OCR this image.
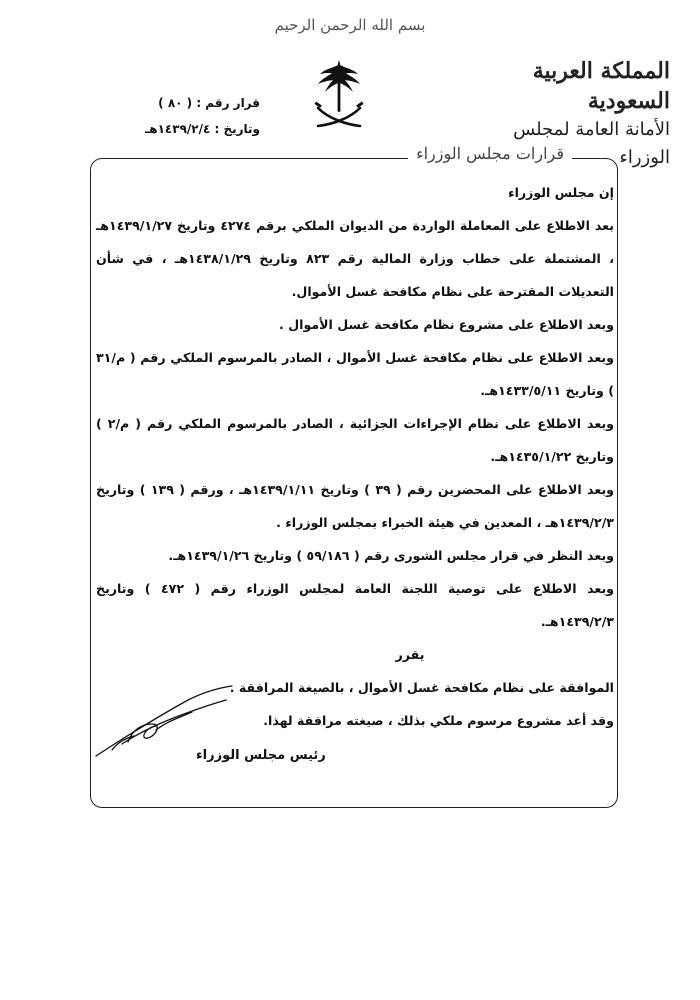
بسم الله الرحمن الرحيم
المملكة العربية السعودية
الأمانة العامة لمجلس الوزراء
قرار رقم : ( ٨٠ )
وتاريخ : ١٤٣٩/٢/٤هـ
قرارات مجلس الوزراء

إن مجلس الوزراء

بعد الاطلاع على المعاملة الواردة من الديوان الملكي برقم ٤٢٧٤ وتاريخ ١٤٣٩/١/٢٧هـ ، المشتملة على خطاب وزارة المالية رقم ٨٢٣ وتاريخ ١٤٣٨/١/٢٩هـ ، في شأن التعديلات المقترحة على نظام مكافحة غسل الأموال.

وبعد الاطلاع على مشروع نظام مكافحة غسل الأموال .

وبعد الاطلاع على نظام مكافحة غسل الأموال ، الصادر بالمرسوم الملكي رقم ( م/٣١ ) وتاريخ ١٤٣٣/٥/١١هـ.

وبعد الاطلاع على نظام الإجراءات الجزائية ، الصادر بالمرسوم الملكي رقم ( م/٢ ) وتاريخ ١٤٣٥/١/٢٢هـ.

وبعد الاطلاع على المحضرين رقم ( ٣٩ ) وتاريخ ١٤٣٩/١/١١هـ ، ورقم ( ١٣٩ ) وتاريخ ١٤٣٩/٢/٣هـ ، المعدين في هيئة الخبراء بمجلس الوزراء .

وبعد النظر في قرار مجلس الشورى رقم ( ٥٩/١٨٦ ) وتاريخ ١٤٣٩/١/٢٦هـ.

وبعد الاطلاع على توصية اللجنة العامة لمجلس الوزراء رقم ( ٤٧٢ ) وتاريخ ١٤٣٩/٢/٣هـ.

يقرر

الموافقة على نظام مكافحة غسل الأموال ، بالصيغة المرافقة .

وقد أعد مشروع مرسوم ملكي بذلك ، صيغته مرافقة لهذا.

رئيس مجلس الوزراء
